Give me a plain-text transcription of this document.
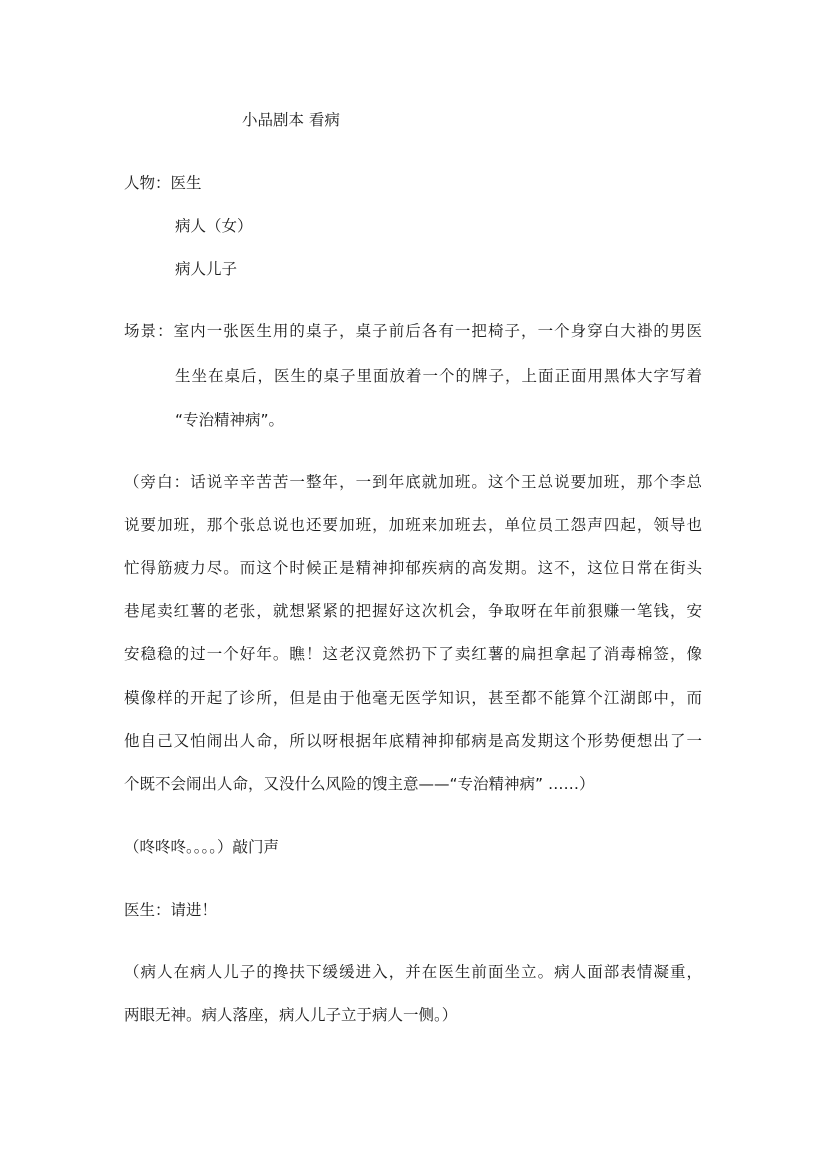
小品剧本 看病
人物：医生
病人（女）
病人儿子
场景：室内一张医生用的桌子，桌子前后各有一把椅子，一个身穿白大褂的男医
生坐在桌后，医生的桌子里面放着一个的牌子，上面正面用黑体大字写着
“专治精神病”。
（旁白：话说辛辛苦苦一整年，一到年底就加班。这个王总说要加班，那个李总
说要加班，那个张总说也还要加班，加班来加班去，单位员工怨声四起，领导也
忙得筋疲力尽。而这个时候正是精神抑郁疾病的高发期。这不，这位日常在街头
巷尾卖红薯的老张，就想紧紧的把握好这次机会，争取呀在年前狠赚一笔钱，安
安稳稳的过一个好年。瞧！这老汉竟然扔下了卖红薯的扁担拿起了消毒棉签，像
模像样的开起了诊所，但是由于他毫无医学知识，甚至都不能算个江湖郎中，而
他自己又怕闹出人命，所以呀根据年底精神抑郁病是高发期这个形势便想出了一
个既不会闹出人命，又没什么风险的馊主意——“专治精神病” ……）
（咚咚咚。。。。）敲门声
医生：请进！
（病人在病人儿子的搀扶下缓缓进入，并在医生前面坐立。病人面部表情凝重，
两眼无神。病人落座，病人儿子立于病人一侧。）
